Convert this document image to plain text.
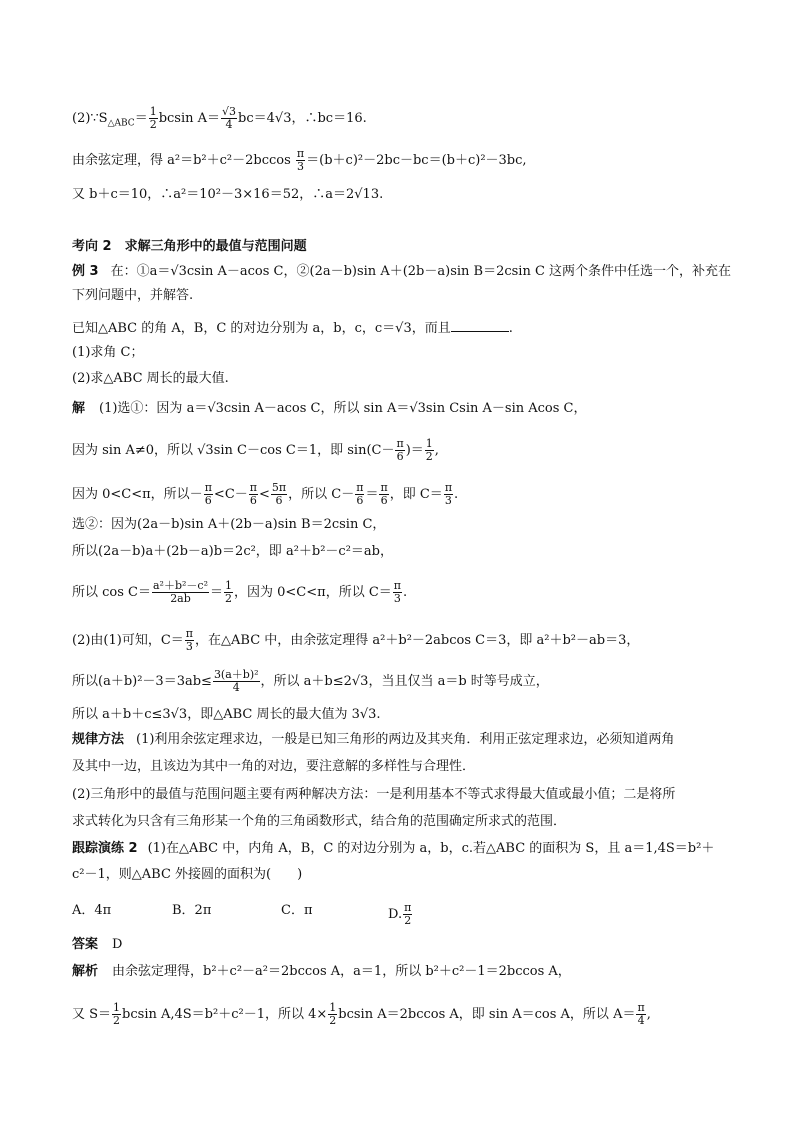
$(2)\because S_{\triangle ABC}= \frac{1}{2}$ bcsin $A= \frac{√3}{4} bc=4√3$，∴bc＝16.
由余弦定理，得 $a^2=b^2+c^2-2bccos \frac{\pi}{3} =(b+c)^2-2bc-bc=(b+c)^2-3bc$,
又 b＋c＝10，∴a²＝10²－3×16＝52，∴a＝2√13.
考向 2　求解三角形中的最值与范围问题
例 3 在：①a＝√3csin A－acos C，②(2a－b)sin A＋(2b－a)sin B＝2csin C 这两个条件中任选一个，补充在
下列问题中，并解答.
已知△ABC 的角 A，B，C 的对边分别为 a，b，c，c＝√3，而且	.
(1)求角 C；
(2)求△ABC 周长的最大值.
解 (1)选①：因为 a＝√3csin A－acos C，所以 sin A＝√3sin Csin A－sin Acos C，
因为 sin A≠0，所以 √3sin C－cos C＝1，即 $\sin(C- \frac{\pi}{6}$ )＝ $\frac{1}{2}$ ,
因为 0<C<π，所以－ $\frac{\pi}{6} <C- \frac{\pi}{6} < \frac{5\pi}{6}$ ，所以 $C- \frac{\pi}{6} = \frac{\pi}{6}$ ，即 $C= \frac{\pi}{3}$ .
选②：因为(2a－b)sin A＋(2b－a)sin B＝2csin C，
所以(2a－b)a＋(2b－a)b＝2c²，即 a²＋b²－c²＝ab，
所以 $\cos C= \frac{\text{a²＋b²－c²}}{2ab} = \frac{1}{2}$ ，因为 0<C<π，所以 $C= \frac{\pi}{3}$ .
(2)由(1)可知，$C= \frac{\pi}{3}$ ，在△ABC 中，由余弦定理得 a²＋b²－2abcos C＝3，即 a²＋b²－ab＝3，
所以$(a+b)^2-3=3ab\le \frac{\text{3(a＋b)²}}{4}$ ，所以 a＋b≤2√3，当且仅当 a＝b 时等号成立，
所以 a＋b＋c≤3√3，即△ABC 周长的最大值为 3√3.
规律方法 (1)利用余弦定理求边，一般是已知三角形的两边及其夹角．利用正弦定理求边，必须知道两角
及其中一边，且该边为其中一角的对边，要注意解的多样性与合理性．
(2)三角形中的最值与范围问题主要有两种解决方法：一是利用基本不等式求得最大值或最小值；二是将所
求式转化为只含有三角形某一个角的三角函数形式，结合角的范围确定所求式的范围．
跟踪演练 2 (1)在△ABC 中，内角 A，B，C 的对边分别为 a，b，c.若△ABC 的面积为 S，且 a＝1,4S＝b²＋
c²－1，则△ABC 外接圆的面积为(　　)
A．4π	B．2π	C．π	D. $\frac{\pi}{2}$
答案 D
解析 由余弦定理得，b²＋c²－a²＝2bccos A，a＝1，所以 b²＋c²－1＝2bccos A，
又 $S= \frac{1}{2}$ bcsin A,4S＝b²＋c²－1，所以 $4\times \frac{1}{2}$ bcsin A＝2bccos A，即 sin A＝cos A，所以 $A= \frac{\pi}{4}$ ,
